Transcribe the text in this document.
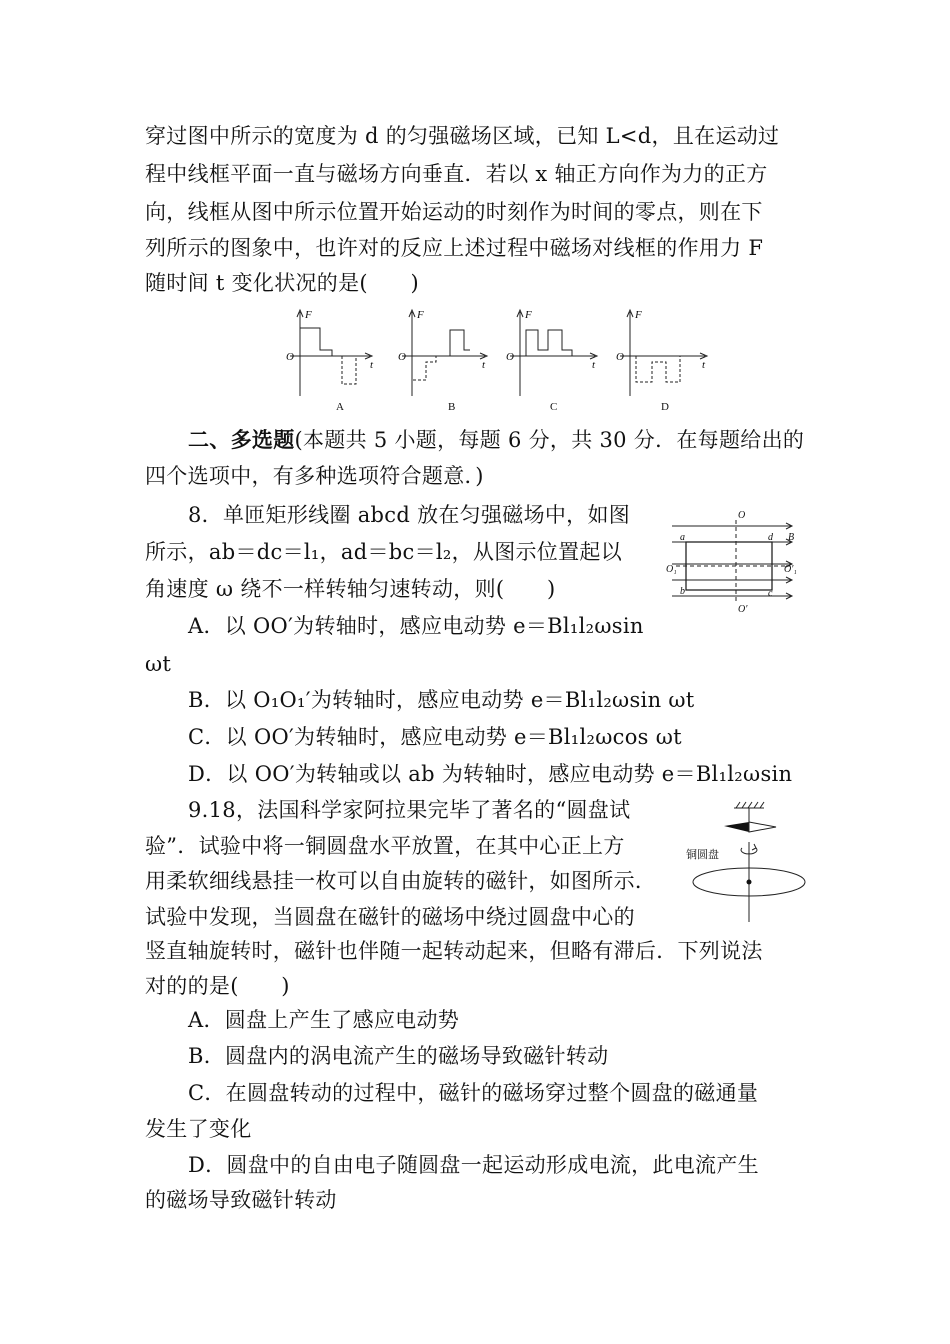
穿过图中所示的宽度为 d 的匀强磁场区域，已知 L<d，且在运动过
程中线框平面一直与磁场方向垂直．若以 x 轴正方向作为力的正方
向，线框从图中所示位置开始运动的时刻作为时间的零点，则在下
列所示的图象中，也许对的反应上述过程中磁场对线框的作用力 F
随时间 t 变化状况的是(　　)
F
O
t
F
O
t
F
O
t
F
O
t
A	B	C	D
二、多选题(本题共 5 小题，每题 6 分，共 30 分．在每题给出的
四个选项中，有多种选项符合题意．)
8．单匝矩形线圈 abcd 放在匀强磁场中，如图
所示，ab＝dc＝l₁，ad＝bc＝l₂，从图示位置起以
角速度 ω 绕不一样转轴匀速转动，则(　　)
A．以 OO′为转轴时，感应电动势 e＝Bl₁l₂ωsin
ωt
B．以 O₁O₁′为转轴时，感应电动势 e＝Bl₁l₂ωsin ωt
C．以 OO′为转轴时，感应电动势 e＝Bl₁l₂ωcos ωt
D．以 OO′为转轴或以 ab 为转轴时，感应电动势 e＝Bl₁l₂ωsin
O
O′
a	d
b	c
B
O₁	O′₁
9.18，法国科学家阿拉果完毕了著名的“圆盘试
验”．试验中将一铜圆盘水平放置，在其中心正上方
用柔软细线悬挂一枚可以自由旋转的磁针，如图所示．
试验中发现，当圆盘在磁针的磁场中绕过圆盘中心的
竖直轴旋转时，磁针也伴随一起转动起来，但略有滞后．下列说法
对的的是(　　)
铜圆盘
A．圆盘上产生了感应电动势
B．圆盘内的涡电流产生的磁场导致磁针转动
C．在圆盘转动的过程中，磁针的磁场穿过整个圆盘的磁通量
发生了变化
D．圆盘中的自由电子随圆盘一起运动形成电流，此电流产生
的磁场导致磁针转动
